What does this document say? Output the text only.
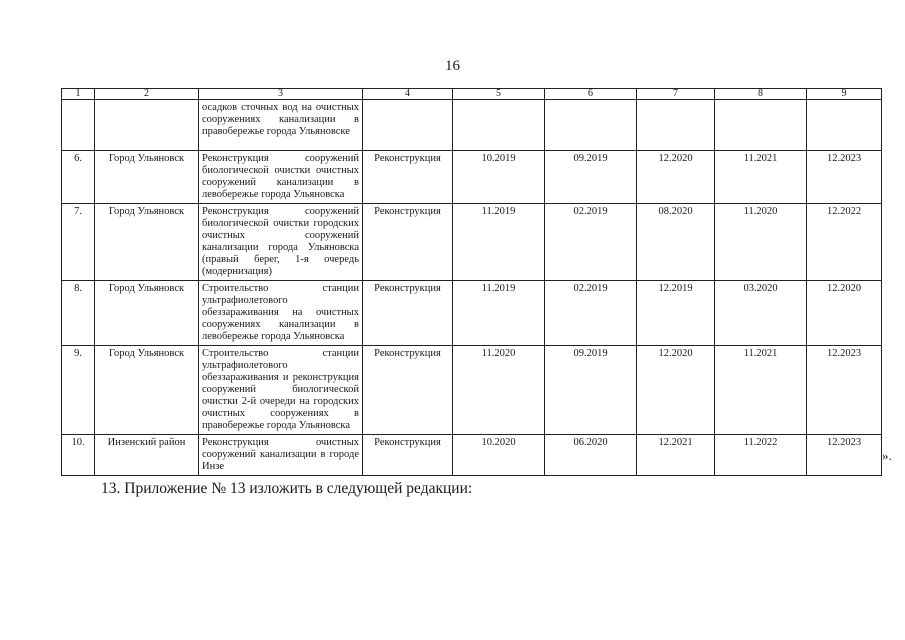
16
1	2	3	4	5	6	7	8	9
		осадков сточных вод на очистных сооружениях канализации в правобережье города Ульяновске						
6.	Город Ульяновск	Реконструкция сооружений биологической очистки очистных сооружений канализации в левобережье города Ульяновска	Реконструкция	10.2019	09.2019	12.2020	11.2021	12.2023
7.	Город Ульяновск	Реконструкция сооружений биологической очистки городских очистных сооружений канализации города Ульяновска (правый берег, 1-я очередь (модернизация)	Реконструкция	11.2019	02.2019	08.2020	11.2020	12.2022
8.	Город Ульяновск	Строительство станции ультрафиолетового обеззараживания на очистных сооружениях канализации в левобережье города Ульяновска	Реконструкция	11.2019	02.2019	12.2019	03.2020	12.2020
9.	Город Ульяновск	Строительство станции ультрафиолетового обеззараживания и реконструкция сооружений биологической очистки 2-й очереди на городских очистных сооружениях в правобережье города Ульяновска	Реконструкция	11.2020	09.2019	12.2020	11.2021	12.2023
10.	Инзенский район	Реконструкция очистных сооружений канализации в городе Инзе	Реконструкция	10.2020	06.2020	12.2021	11.2022	12.2023
».
13. Приложение № 13 изложить в следующей редакции:
